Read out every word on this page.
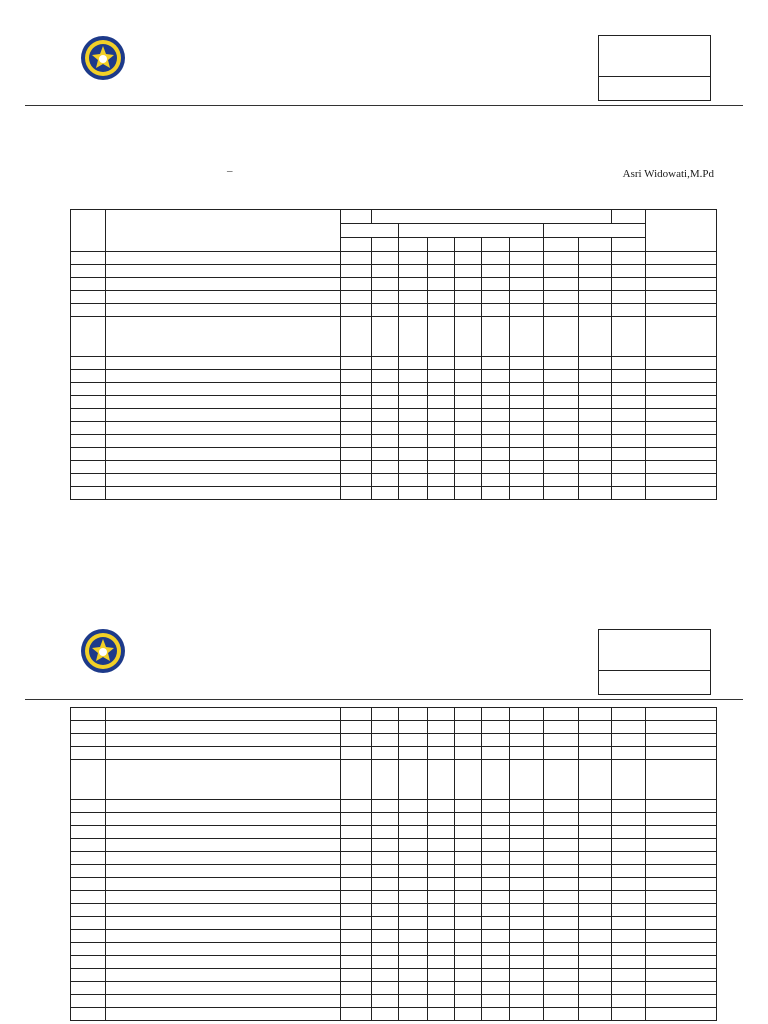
–	Asri Widowati,M.Pd
